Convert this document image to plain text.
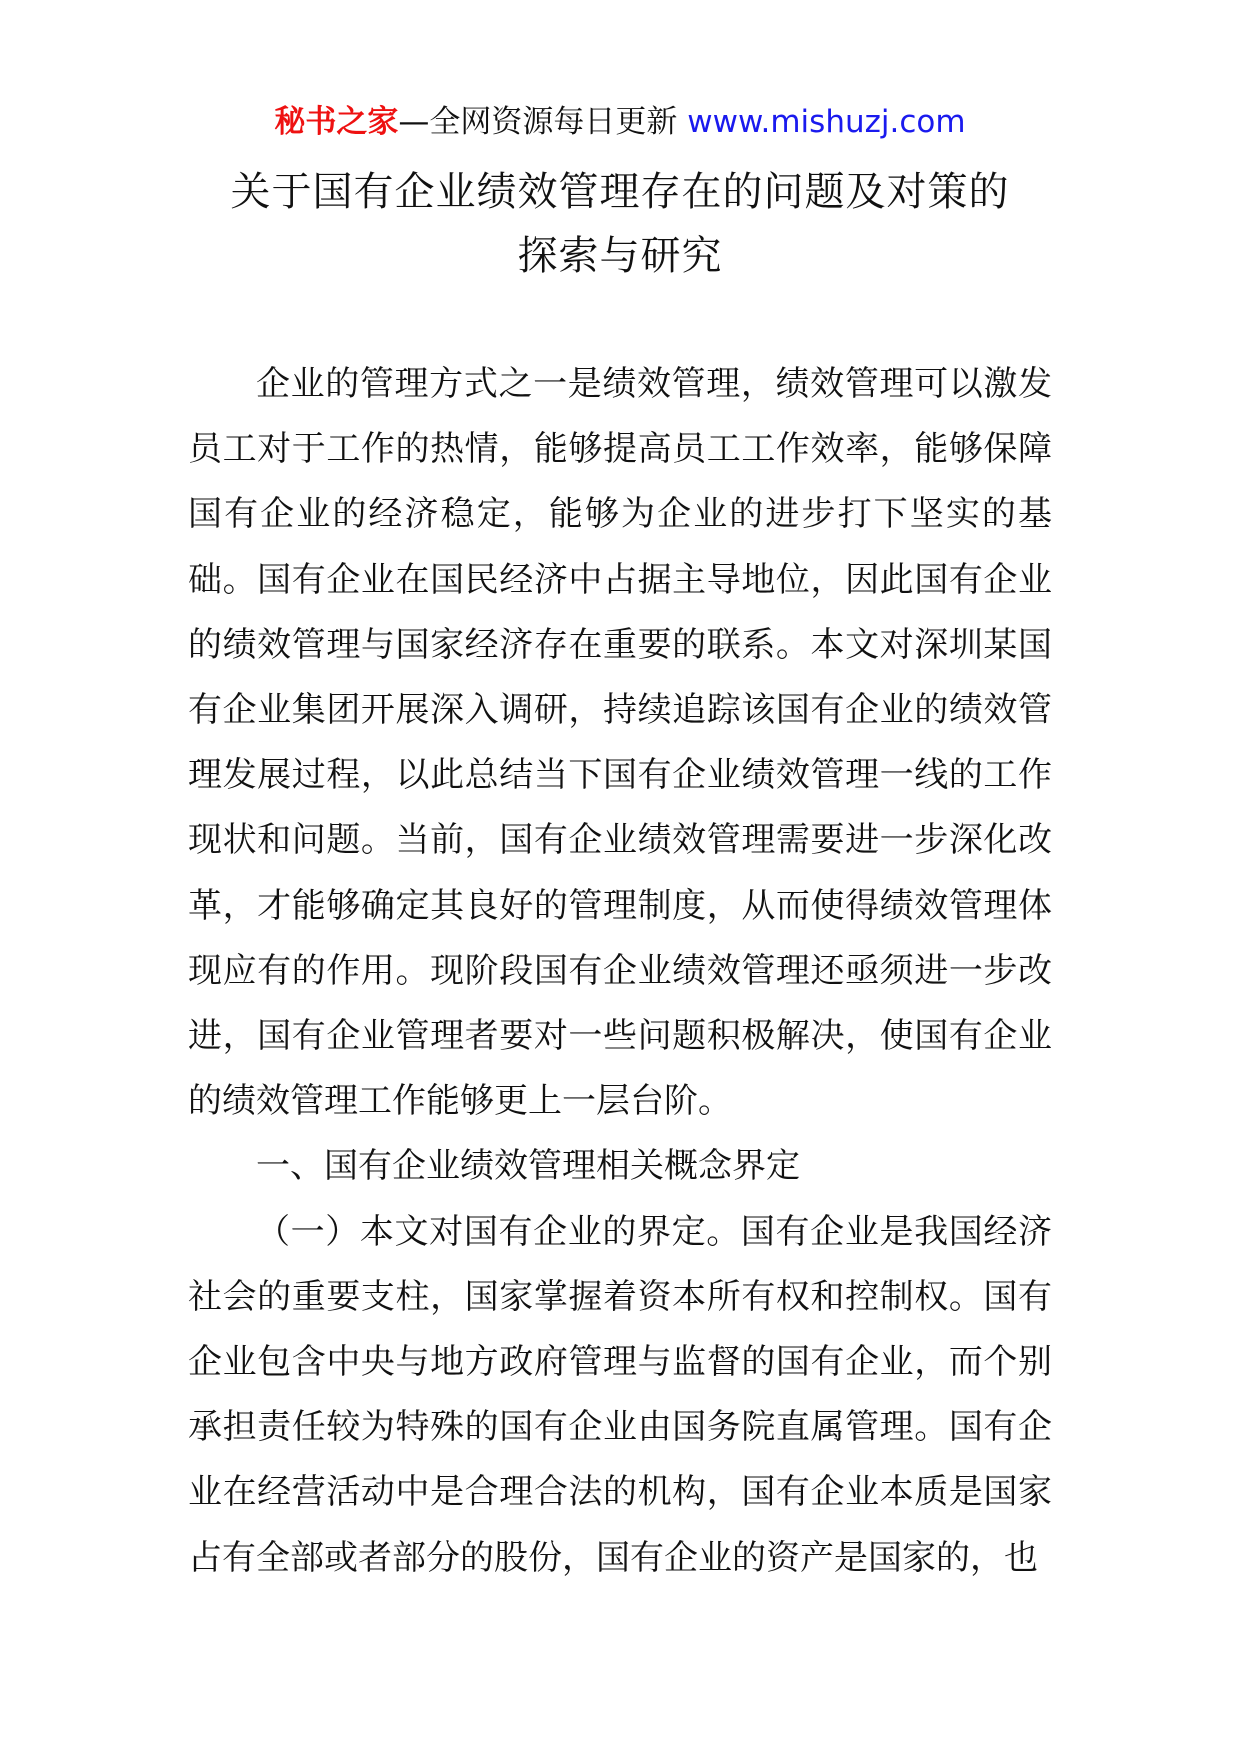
秘书之家—全网资源每日更新 www.mishuzj.com
关于国有企业绩效管理存在的问题及对策的
探索与研究

企业的管理方式之一是绩效管理，绩效管理可以激发员工对于工作的热情，能够提高员工工作效率，能够保障国有企业的经济稳定，能够为企业的进步打下坚实的基础。国有企业在国民经济中占据主导地位，因此国有企业的绩效管理与国家经济存在重要的联系。本文对深圳某国有企业集团开展深入调研，持续追踪该国有企业的绩效管理发展过程，以此总结当下国有企业绩效管理一线的工作现状和问题。当前，国有企业绩效管理需要进一步深化改革，才能够确定其良好的管理制度，从而使得绩效管理体现应有的作用。现阶段国有企业绩效管理还亟须进一步改进，国有企业管理者要对一些问题积极解决，使国有企业的绩效管理工作能够更上一层台阶。

一、国有企业绩效管理相关概念界定

（一）本文对国有企业的界定。国有企业是我国经济社会的重要支柱，国家掌握着资本所有权和控制权。国有企业包含中央与地方政府管理与监督的国有企业，而个别承担责任较为特殊的国有企业由国务院直属管理。国有企业在经营活动中是合理合法的机构，国有企业本质是国家占有全部或者部分的股份，国有企业的资产是国家的，也
